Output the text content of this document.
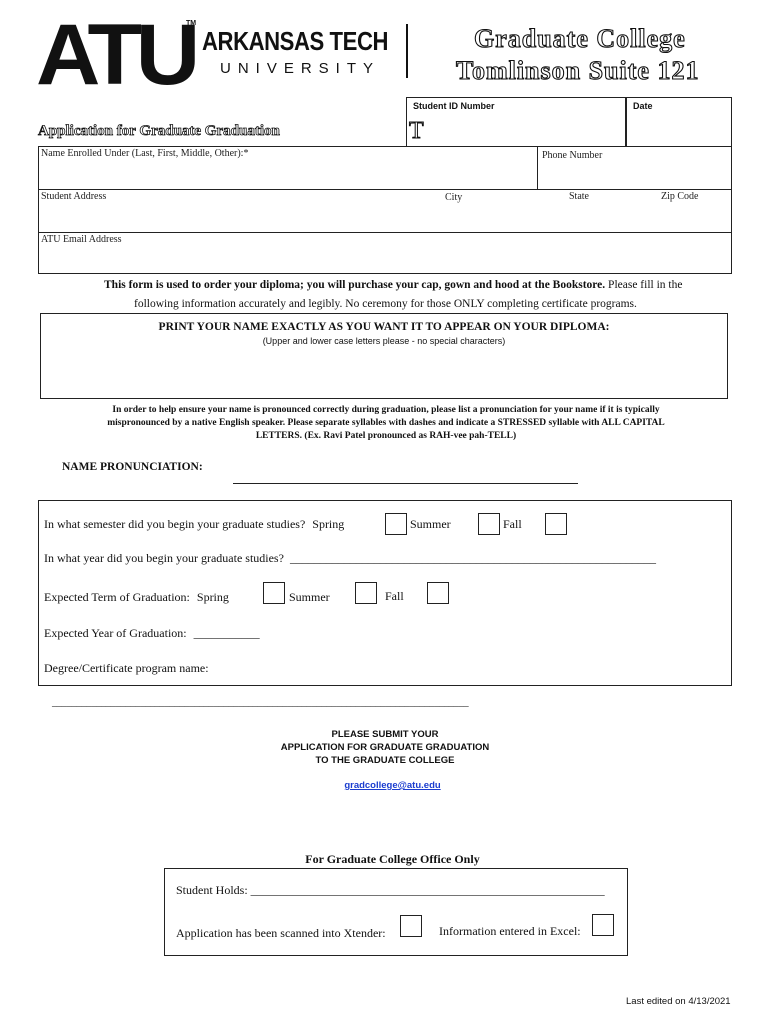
ATU
TM
ARKANSAS TECH
UNIVERSITY
Graduate College
Tomlinson Suite 121
Student ID Number
T
Date
Application for Graduate Graduation
Name Enrolled Under (Last, First, Middle, Other):*	Phone Number
Student Address	City	State	Zip Code
ATU Email Address
This form is used to order your diploma; you will purchase your cap, gown and hood at the Bookstore. Please fill in the
following information accurately and legibly. No ceremony for those ONLY completing certificate programs.
PRINT YOUR NAME EXACTLY AS YOU WANT IT TO APPEAR ON YOUR DIPLOMA:
(Upper and lower case letters please - no special characters)
In order to help ensure your name is pronounced correctly during graduation, please list a pronunciation for your name if it is typically
mispronounced by a native English speaker. Please separate syllables with dashes and indicate a STRESSED syllable with ALL CAPITAL
LETTERS. (Ex. Ravi Patel pronounced as RAH-vee pah-TELL)
NAME PRONUNCIATION:
In what semester did you begin your graduate studies? Spring	Summer	Fall
In what year did you begin your graduate studies? _____________________________________________________________
Expected Term of Graduation: Spring	Summer	Fall
Expected Year of Graduation: ___________
Degree/Certificate program name:
_____________________________________________________________________________________
PLEASE SUBMIT YOUR
APPLICATION FOR GRADUATE GRADUATION
TO THE GRADUATE COLLEGE
gradcollege@atu.edu
For Graduate College Office Only
Student Holds: ___________________________________________________________
Application has been scanned into Xtender:	Information entered in Excel:
Last edited on 4/13/2021
